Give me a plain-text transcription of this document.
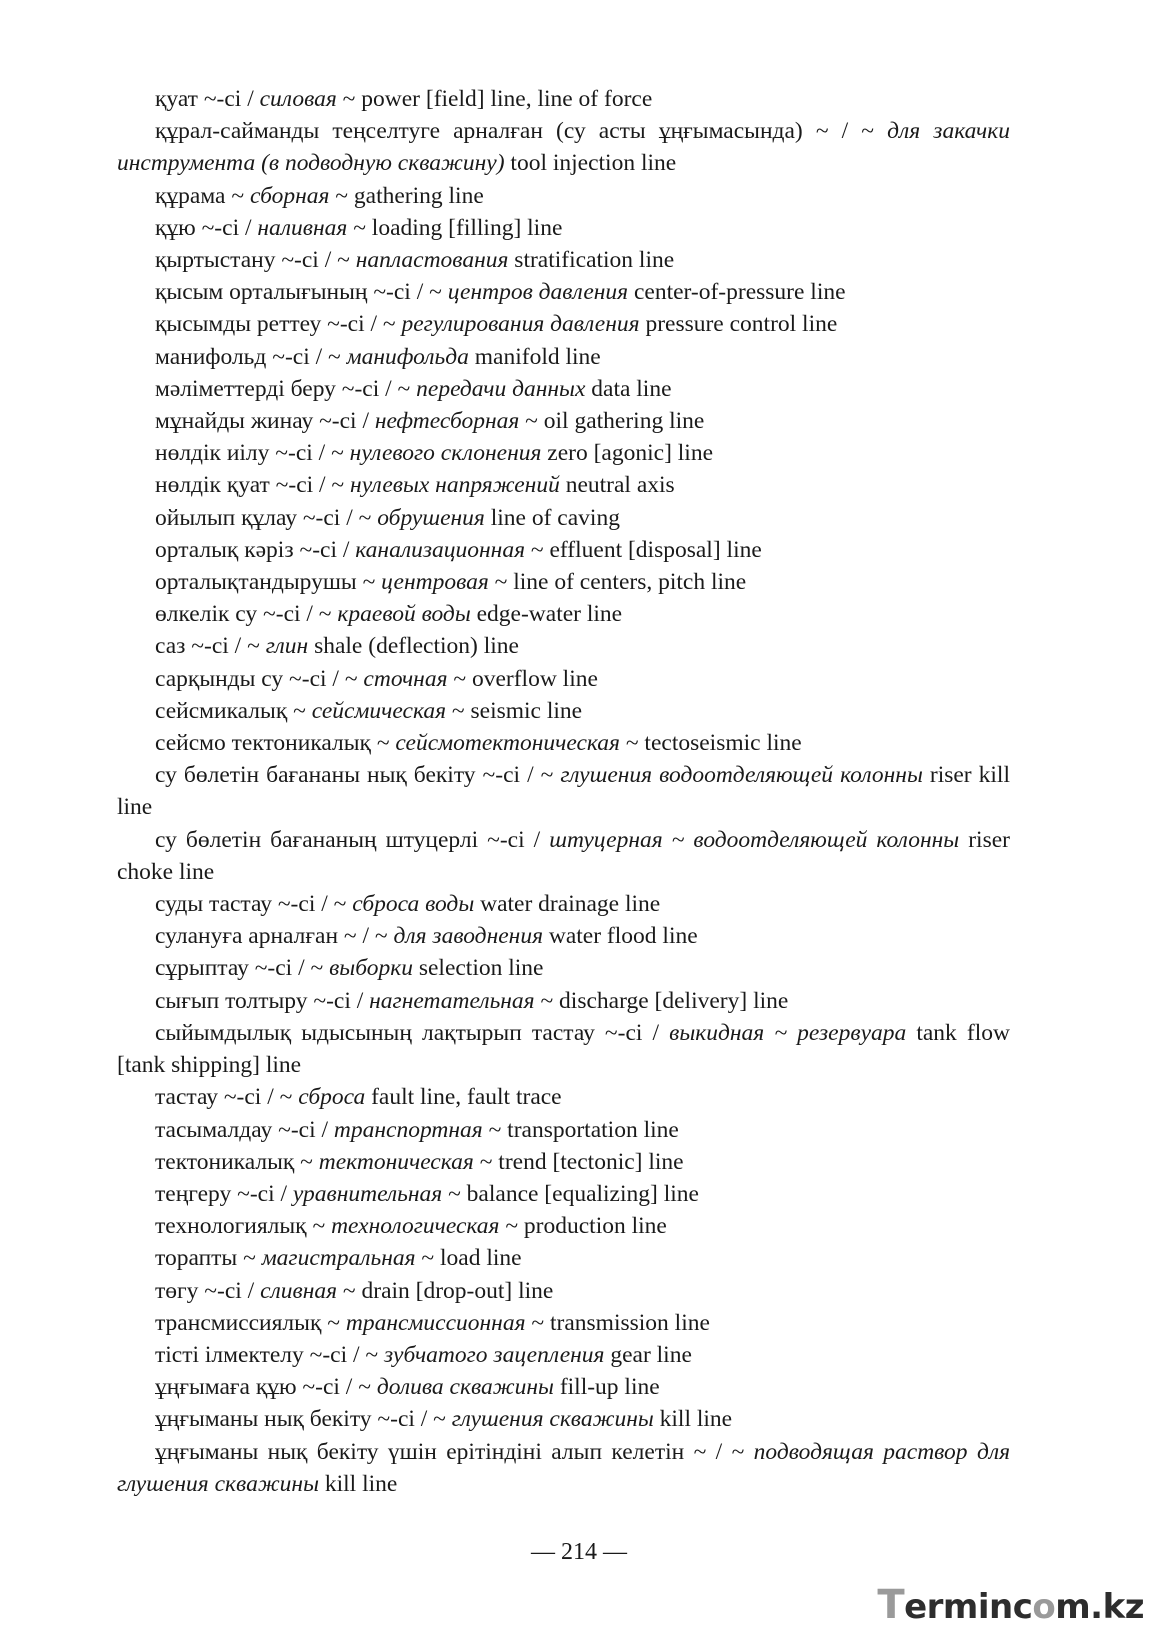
қуат ~-сі / силовая ~ power [field] line, line of force
құрал-сайманды теңселтуге арналған (су асты ұңғымасында) ~ / ~ для закачки инструмента (в подводную скважину) tool injection line
құрама ~ сборная ~ gathering line
құю ~-сі / наливная ~ loading [filling] line
қыртыстану ~-сі / ~ напластования stratification line
қысым орталығының ~-сі / ~ центров давления center-of-pressure line
қысымды реттеу ~-сі / ~ регулирования давления pressure control line
манифольд ~-сі / ~ манифольда manifold line
мәліметтерді беру ~-сі / ~ передачи данных data line
мұнайды жинау ~-сі / нефтесборная ~ oil gathering line
нөлдік иілу ~-сі / ~ нулевого склонения zero [agonic] line
нөлдік қуат ~-сі / ~ нулевых напряжений neutral axis
ойылып құлау ~-сі / ~ обрушения line of caving
орталық кәріз ~-сі / канализационная ~ effluent [disposal] line
орталықтандырушы ~ центровая ~ line of centers, pitch line
өлкелік су ~-сі / ~ краевой воды edge-water line
саз ~-сі / ~ глин shale (deflection) line
сарқынды су ~-сі / ~ сточная ~ overflow line
сейсмикалық ~ сейсмическая ~ seismic line
сейсмо тектоникалық ~ сейсмотектоническая ~ tectoseismic line
су бөлетін бағананы нық бекіту ~-сі / ~ глушения водоотделяющей колонны riser kill line
су бөлетін бағананың штуцерлі ~-сі / штуцерная ~ водоотделяющей колонны riser choke line
суды тастау ~-сі / ~ сброса воды water drainage line
сулануға арналған ~ / ~ для заводнения water flood line
сұрыптау ~-сі / ~ выборки selection line
сығып толтыру ~-сі / нагнетательная ~ discharge [delivery] line
сыйымдылық ыдысының лақтырып тастау ~-сі / выкидная ~ резервуара tank flow [tank shipping] line
тастау ~-сі / ~ сброса fault line, fault trace
тасымалдау ~-сі / транспортная ~ transportation line
тектоникалық ~ тектоническая ~ trend [tectonic] line
теңгеру ~-сі / уравнительная ~ balance [equalizing] line
технологиялық ~ технологическая ~ production line
торапты ~ магистральная ~ load line
төгу ~-сі / сливная ~ drain [drop-out] line
трансмиссиялық ~ трансмиссионная ~ transmission line
тісті ілмектелу ~-сі / ~ зубчатого зацепления gear line
ұңғымаға құю ~-сі / ~ долива скважины fill-up line
ұңғыманы нық бекіту ~-сі / ~ глушения скважины kill line
ұңғыманы нық бекіту үшін ерітіндіні алып келетін ~ / ~ подводящая раствор для глушения скважины kill line
— 214 —
Termincom.kz
